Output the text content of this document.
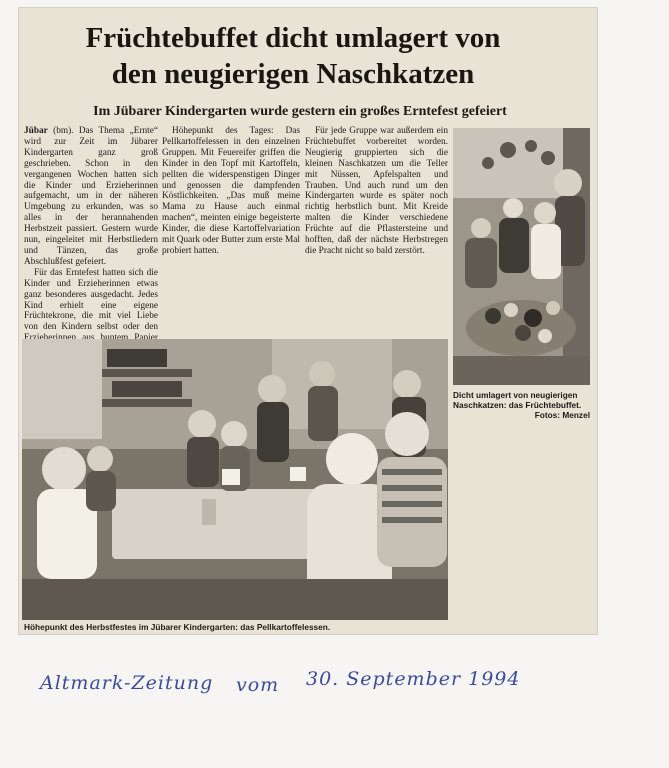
Früchtebuffet dicht umlagert von
den neugierigen Naschkatzen
Im Jübarer Kindergarten wurde gestern ein großes Erntefest gefeiert

Jübar (bm). Das Thema „Ernte“ wird zur Zeit im Jübarer Kindergarten ganz groß geschrieben. Schon in den vergangenen Wochen hatten sich die Kinder und Erzieherinnen aufgemacht, um in der näheren Umgebung zu erkunden, was so alles in der herannahenden Herbstzeit passiert. Gestern wurde nun, eingeleitet mit Herbstliedern und Tänzen, das große Abschlußfest gefeiert.

Für das Erntefest hatten sich die Kinder und Erzieherinnen etwas ganz besonderes ausgedacht. Jedes Kind erhielt eine eigene Früchtekrone, die mit viel Liebe von den Kindern selbst oder den

Höhepunkt des Tages: Das Pellkartoffelessen in den einzelnen Gruppen. Mit Feuereifer griffen die Kinder in den Topf mit Kartoffeln, pellten die widerspenstigen Dinger und genossen die dampfenden Köstlichkeiten. „Das muß meine Mama zu Hause auch einmal machen“, meinten einige begeisterte Kinder, die diese Kartoffelvariation mit Quark oder Butter zum erste Mal probiert hatten.

Für jede Gruppe war außerdem ein Früchtebuffet vorbereitet worden. Neugierig gruppierten sich die kleinen Naschkatzen um die Teller mit Nüssen, Apfelspalten und Trauben. Und auch rund um den Kindergarten wurde es später noch richtig herbstlich bunt. Mit Kreide malten die Kinder verschiedene Früchte auf die Pflastersteine und hofften, daß der nächste Herbstregen die Pracht nicht so bald zerstört.

Dicht umlagert von neugierigen Naschkatzen: das Früchtebuffet.
Fotos: Menzel

Höhepunkt des Herbstfestes im Jübarer Kindergarten: das Pellkartoffelessen.

Altmark-Zeitung vom 30. September 1994
